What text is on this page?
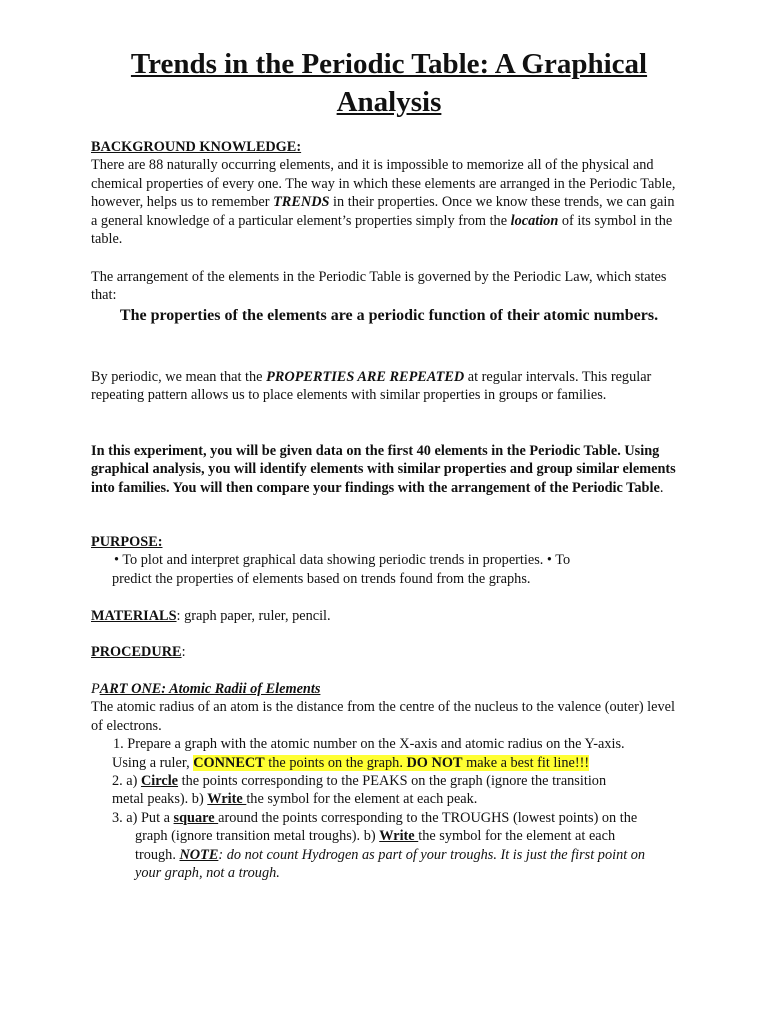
Trends in the Periodic Table: A Graphical Analysis
BACKGROUND KNOWLEDGE:
There are 88 naturally occurring elements, and it is impossible to memorize all of the physical and chemical properties of every one. The way in which these elements are arranged in the Periodic Table, however, helps us to remember TRENDS in their properties. Once we know these trends, we can gain a general knowledge of a particular element’s properties simply from the location of its symbol in the table.
The arrangement of the elements in the Periodic Table is governed by the Periodic Law, which states that:
The properties of the elements are a periodic function of their atomic numbers.
By periodic, we mean that the PROPERTIES ARE REPEATED at regular intervals. This regular repeating pattern allows us to place elements with similar properties in groups or families.
In this experiment, you will be given data on the first 40 elements in the Periodic Table. Using graphical analysis, you will identify elements with similar properties and group similar elements into families. You will then compare your findings with the arrangement of the Periodic Table.
PURPOSE:
• To plot and interpret graphical data showing periodic trends in properties. • To
predict the properties of elements based on trends found from the graphs.
MATERIALS: graph paper, ruler, pencil.
PROCEDURE:
PART ONE: Atomic Radii of Elements
The atomic radius of an atom is the distance from the centre of the nucleus to the valence (outer) level of electrons.
1. Prepare a graph with the atomic number on the X-axis and atomic radius on the Y-axis.
Using a ruler, CONNECT the points on the graph. DO NOT make a best fit line!!!
2. a) Circle the points corresponding to the PEAKS on the graph (ignore the transition
metal peaks). b) Write the symbol for the element at each peak.
3. a) Put a square around the points corresponding to the TROUGHS (lowest points) on the
graph (ignore transition metal troughs). b) Write the symbol for the element at each
trough. NOTE: do not count Hydrogen as part of your troughs. It is just the first point on
your graph, not a trough.
